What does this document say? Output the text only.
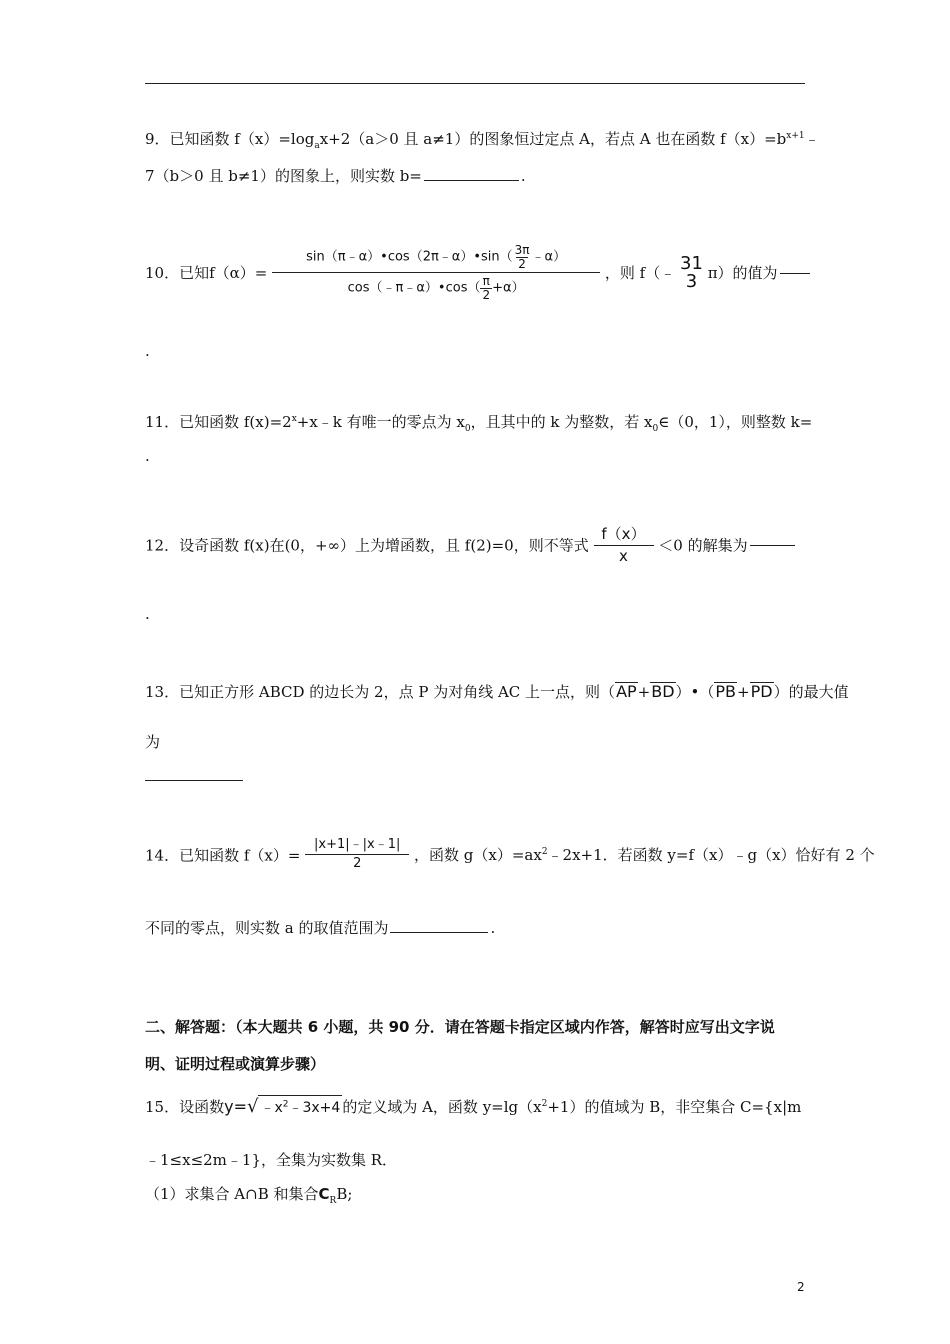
9．已知函数 $f(x)=\log_ax+2(a>0$ 且 a≠1）的图象恒过定点 A，若点 A 也在函数 $f(x)=b^{x+1}﹣$
7（b＞0 且 b≠1）的图象上，则实数 b=	.
10．已知$f(\alpha)= \frac{\sin(\pi﹣\alpha)•\cos(2\pi﹣\alpha)•\sin( \frac{3\pi}{2} ﹣\alpha)}{\cos(﹣\pi﹣\alpha)•\cos( \frac{\pi}{2} +\alpha)}$ ，则 f（﹣ 31
3 π）的值为
.
11．已知函数 $f(x)=2^x+x﹣k$ 有唯一的零点为 $x_0$，且其中的 k 为整数，若 $x_0\in(0$，1），则整数 k=
.
12．设奇函数 f(x)在(0，+∞）上为增函数，且 f(2)=0，则不等式 $\frac{f(x)}{x} <0$ 的解集为
.
13．已知正方形 ABCD 的边长为 2，点 P 为对角线 AC 上一点，则（AP+BD）•（PB+PD）的最大值
为
14．已知函数 $f(x)= \frac{|x+1|﹣|x﹣1|}{2}$ ，函数 $g(x)=ax^2﹣2x+1$．若函数 y=f（x）﹣g（x）恰好有 2 个
不同的零点，则实数 a 的取值范围为	.
二、解答题：（本大题共 6 小题，共 90 分．请在答题卡指定区域内作答，解答时应写出文字说
明、证明过程或演算步骤）
15．设函数y=√ $﹣x^2﹣3x+4$ 的定义域为 A，函数 $y=\lg(x^2+1)$的值域为 B，非空集合 C={x|m
﹣1≤x≤2m﹣1}，全集为实数集 R．
（1）求集合 A∩B 和集合$C_RB$;
2
